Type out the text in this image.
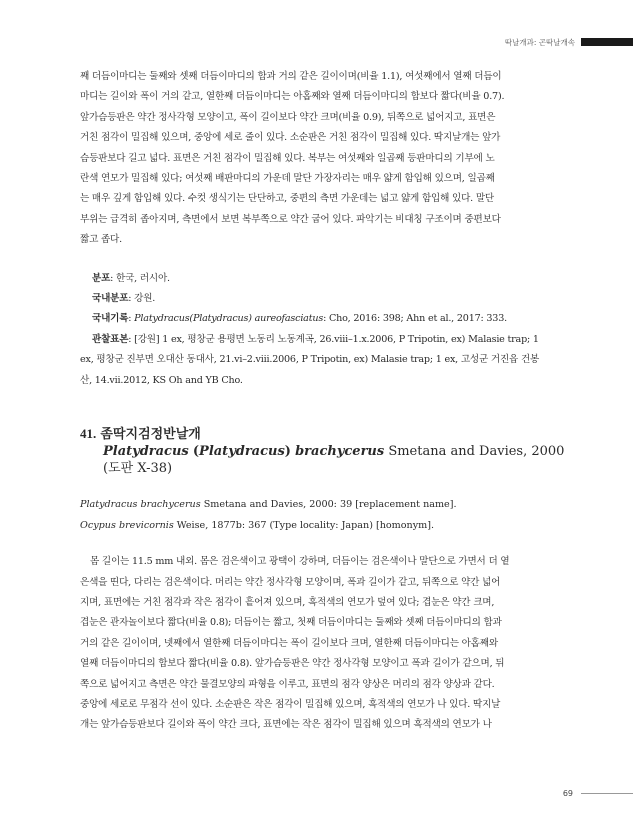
딱날개과: 곤딱날개속

째 더듬이마디는 둘째와 셋째 더듬이마디의 합과 거의 같은 길이이며(비율 1.1), 여섯째에서 열째 더듬이
마디는 길이와 폭이 거의 같고, 열한째 더듬이마디는 아홉째와 열째 더듬이마디의 합보다 짧다(비율 0.7).
앞가슴등판은 약간 정사각형 모양이고, 폭이 길이보다 약간 크며(비율 0.9), 뒤쪽으로 넓어지고, 표면은
거친 점각이 밀집해 있으며, 중앙에 세로 줄이 있다. 소순판은 거친 점각이 밀집해 있다. 딱지날개는 앞가
슴등판보다 길고 넓다. 표면은 거친 점각이 밀집해 있다. 복부는 여섯째와 일곱째 등판마디의 기부에 노
란색 연모가 밀집해 있다; 여섯째 배판마디의 가운데 말단 가장자리는 매우 얇게 함입해 있으며, 일곱째
는 매우 깊게 함입해 있다. 수컷 생식기는 단단하고, 중편의 측면 가운데는 넓고 얇게 함입해 있다. 말단
부위는 급격히 좁아지며, 측면에서 보면 복부쪽으로 약간 굽어 있다. 파악기는 비대칭 구조이며 중편보다
짧고 좁다.

분포: 한국, 러시아.

국내분포: 강원.

국내기록: Platydracus(Platydracus) aureofasciatus: Cho, 2016: 398; Ahn et al., 2017: 333.

관찰표본: [강원] 1 ex, 평창군 용평면 노동리 노동계곡, 26.viii–1.x.2006, P Tripotin, ex) Malasie trap; 1

ex, 평창군 진부면 오대산 동대사, 21.vi–2.viii.2006, P Tripotin, ex) Malasie trap; 1 ex, 고성군 거진읍 건봉

산, 14.vii.2012, KS Oh and YB Cho.

41. 좀딱지검정반날개
Platydracus (Platydracus) brachycerus Smetana and Davies, 2000
(도판 X-38)

Platydracus brachycerus Smetana and Davies, 2000: 39 [replacement name].

Ocypus brevicornis Weise, 1877b: 367 (Type locality: Japan) [homonym].

몸 길이는 11.5 mm 내외. 몸은 검은색이고 광택이 강하며, 더듬이는 검은색이나 말단으로 가면서 더 옅
은색을 띤다, 다리는 검은색이다. 머리는 약간 정사각형 모양이며, 폭과 길이가 같고, 뒤쪽으로 약간 넓어
지며, 표면에는 거친 점각과 작은 점각이 흩어져 있으며, 흑적색의 연모가 덮여 있다; 겹눈은 약간 크며,
겹눈은 관자놀이보다 짧다(비율 0.8); 더듬이는 짧고, 첫째 더듬이마디는 둘째와 셋째 더듬이마디의 합과
거의 같은 길이이며, 넷째에서 열한째 더듬이마디는 폭이 길이보다 크며, 열한째 더듬이마디는 아홉째와
열째 더듬이마디의 합보다 짧다(비율 0.8). 앞가슴등판은 약간 정사각형 모양이고 폭과 길이가 같으며, 뒤
쪽으로 넓어지고 측면은 약간 물결모양의 파형을 이루고, 표면의 점각 양상은 머리의 점각 양상과 같다.
중앙에 세로로 무점각 선이 있다. 소순판은 작은 점각이 밀집해 있으며, 흑적색의 연모가 나 있다. 딱지날
개는 앞가슴등판보다 길이와 폭이 약간 크다, 표면에는 작은 점각이 밀집해 있으며 흑적색의 연모가 나

69
